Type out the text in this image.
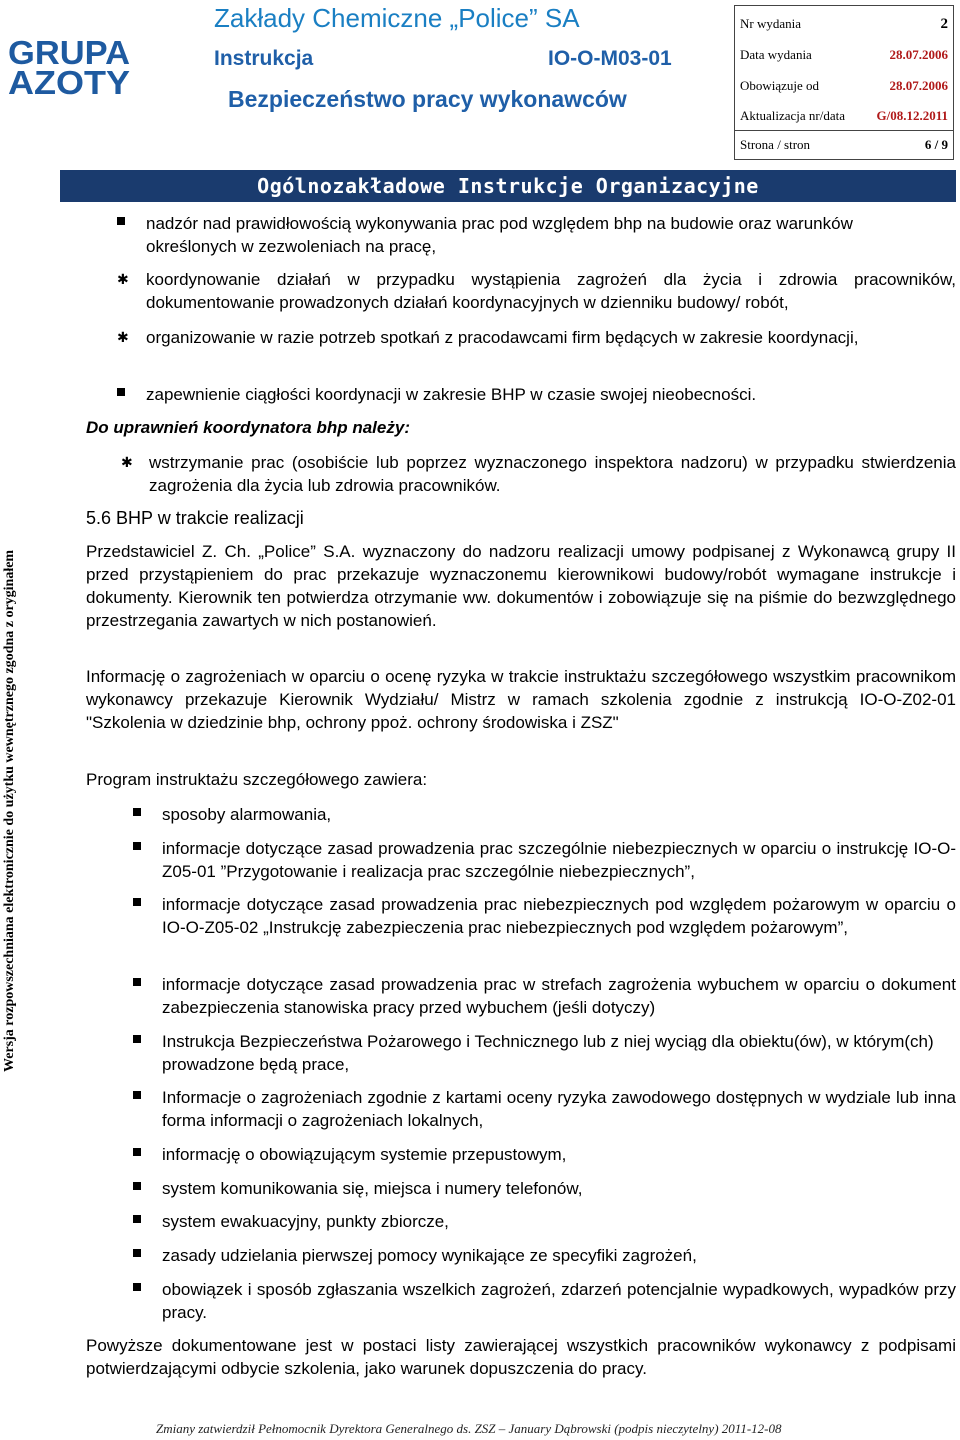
GRUPA
AZOTY
Zakłady Chemiczne „Police” SA
Instrukcja	IO-O-M03-01
Bezpieczeństwo pracy wykonawców
Nr wydania	2
Data wydania	28.07.2006
Obowiązuje od	28.07.2006
Aktualizacja nr/data G/08.12.2011
Strona / stron	6 / 9
Ogólnozakładowe Instrukcje Organizacyjne
Wersja rozpowszechniana elektronicznie do użytku wewnętrznego zgodna z oryginałem
nadzór nad prawidłowością wykonywania prac pod względem bhp na budowie oraz warunków określonych w zezwoleniach na pracę,
✱ koordynowanie działań w przypadku wystąpienia zagrożeń dla życia i zdrowia pracowników, dokumentowanie prowadzonych działań koordynacyjnych w dzienniku budowy/ robót,
✱ organizowanie w razie potrzeb spotkań z pracodawcami firm będących w zakresie koordynacji,
zapewnienie ciągłości koordynacji w zakresie BHP w czasie swojej nieobecności.
Do uprawnień koordynatora bhp należy:
✱ wstrzymanie prac (osobiście lub poprzez wyznaczonego inspektora nadzoru) w przypadku stwierdzenia zagrożenia dla życia lub zdrowia pracowników.
5.6 BHP w trakcie realizacji
Przedstawiciel Z. Ch. „Police” S.A. wyznaczony do nadzoru realizacji umowy podpisanej z Wykonawcą grupy II przed przystąpieniem do prac przekazuje wyznaczonemu kierownikowi budowy/robót wymagane instrukcje i dokumenty. Kierownik ten potwierdza otrzymanie ww. dokumentów i zobowiązuje się na piśmie do bezwzględnego przestrzegania zawartych w nich postanowień.
Informację o zagrożeniach w oparciu o ocenę ryzyka w trakcie instruktażu szczegółowego wszystkim pracownikom wykonawcy przekazuje Kierownik Wydziału/ Mistrz w ramach szkolenia zgodnie z instrukcją IO-O-Z02-01 "Szkolenia w dziedzinie bhp, ochrony ppoż. ochrony środowiska i ZSZ"
Program instruktażu szczegółowego zawiera:
sposoby alarmowania,
informacje dotyczące zasad prowadzenia prac szczególnie niebezpiecznych w oparciu o instrukcję IO-O-Z05-01 ”Przygotowanie i realizacja prac szczególnie niebezpiecznych”,
informacje dotyczące zasad prowadzenia prac niebezpiecznych pod względem pożarowym w oparciu o IO-O-Z05-02 „Instrukcję zabezpieczenia prac niebezpiecznych pod względem pożarowym”,
informacje dotyczące zasad prowadzenia prac w strefach zagrożenia wybuchem w oparciu o dokument zabezpieczenia stanowiska pracy przed wybuchem (jeśli dotyczy)
Instrukcja Bezpieczeństwa Pożarowego i Technicznego lub z niej wyciąg dla obiektu(ów), w którym(ch) prowadzone będą prace,
Informacje o zagrożeniach zgodnie z kartami oceny ryzyka zawodowego dostępnych w wydziale lub inna forma informacji o zagrożeniach lokalnych,
informację o obowiązującym systemie przepustowym,
system komunikowania się, miejsca i numery telefonów,
system ewakuacyjny, punkty zbiorcze,
zasady udzielania pierwszej pomocy wynikające ze specyfiki zagrożeń,
obowiązek i sposób zgłaszania wszelkich zagrożeń, zdarzeń potencjalnie wypadkowych, wypadków przy pracy.
Powyższe dokumentowane jest w postaci listy zawierającej wszystkich pracowników wykonawcy z podpisami potwierdzającymi odbycie szkolenia, jako warunek dopuszczenia do pracy.
Zmiany zatwierdził Pełnomocnik Dyrektora Generalnego ds. ZSZ – January Dąbrowski (podpis nieczytelny) 2011-12-08
